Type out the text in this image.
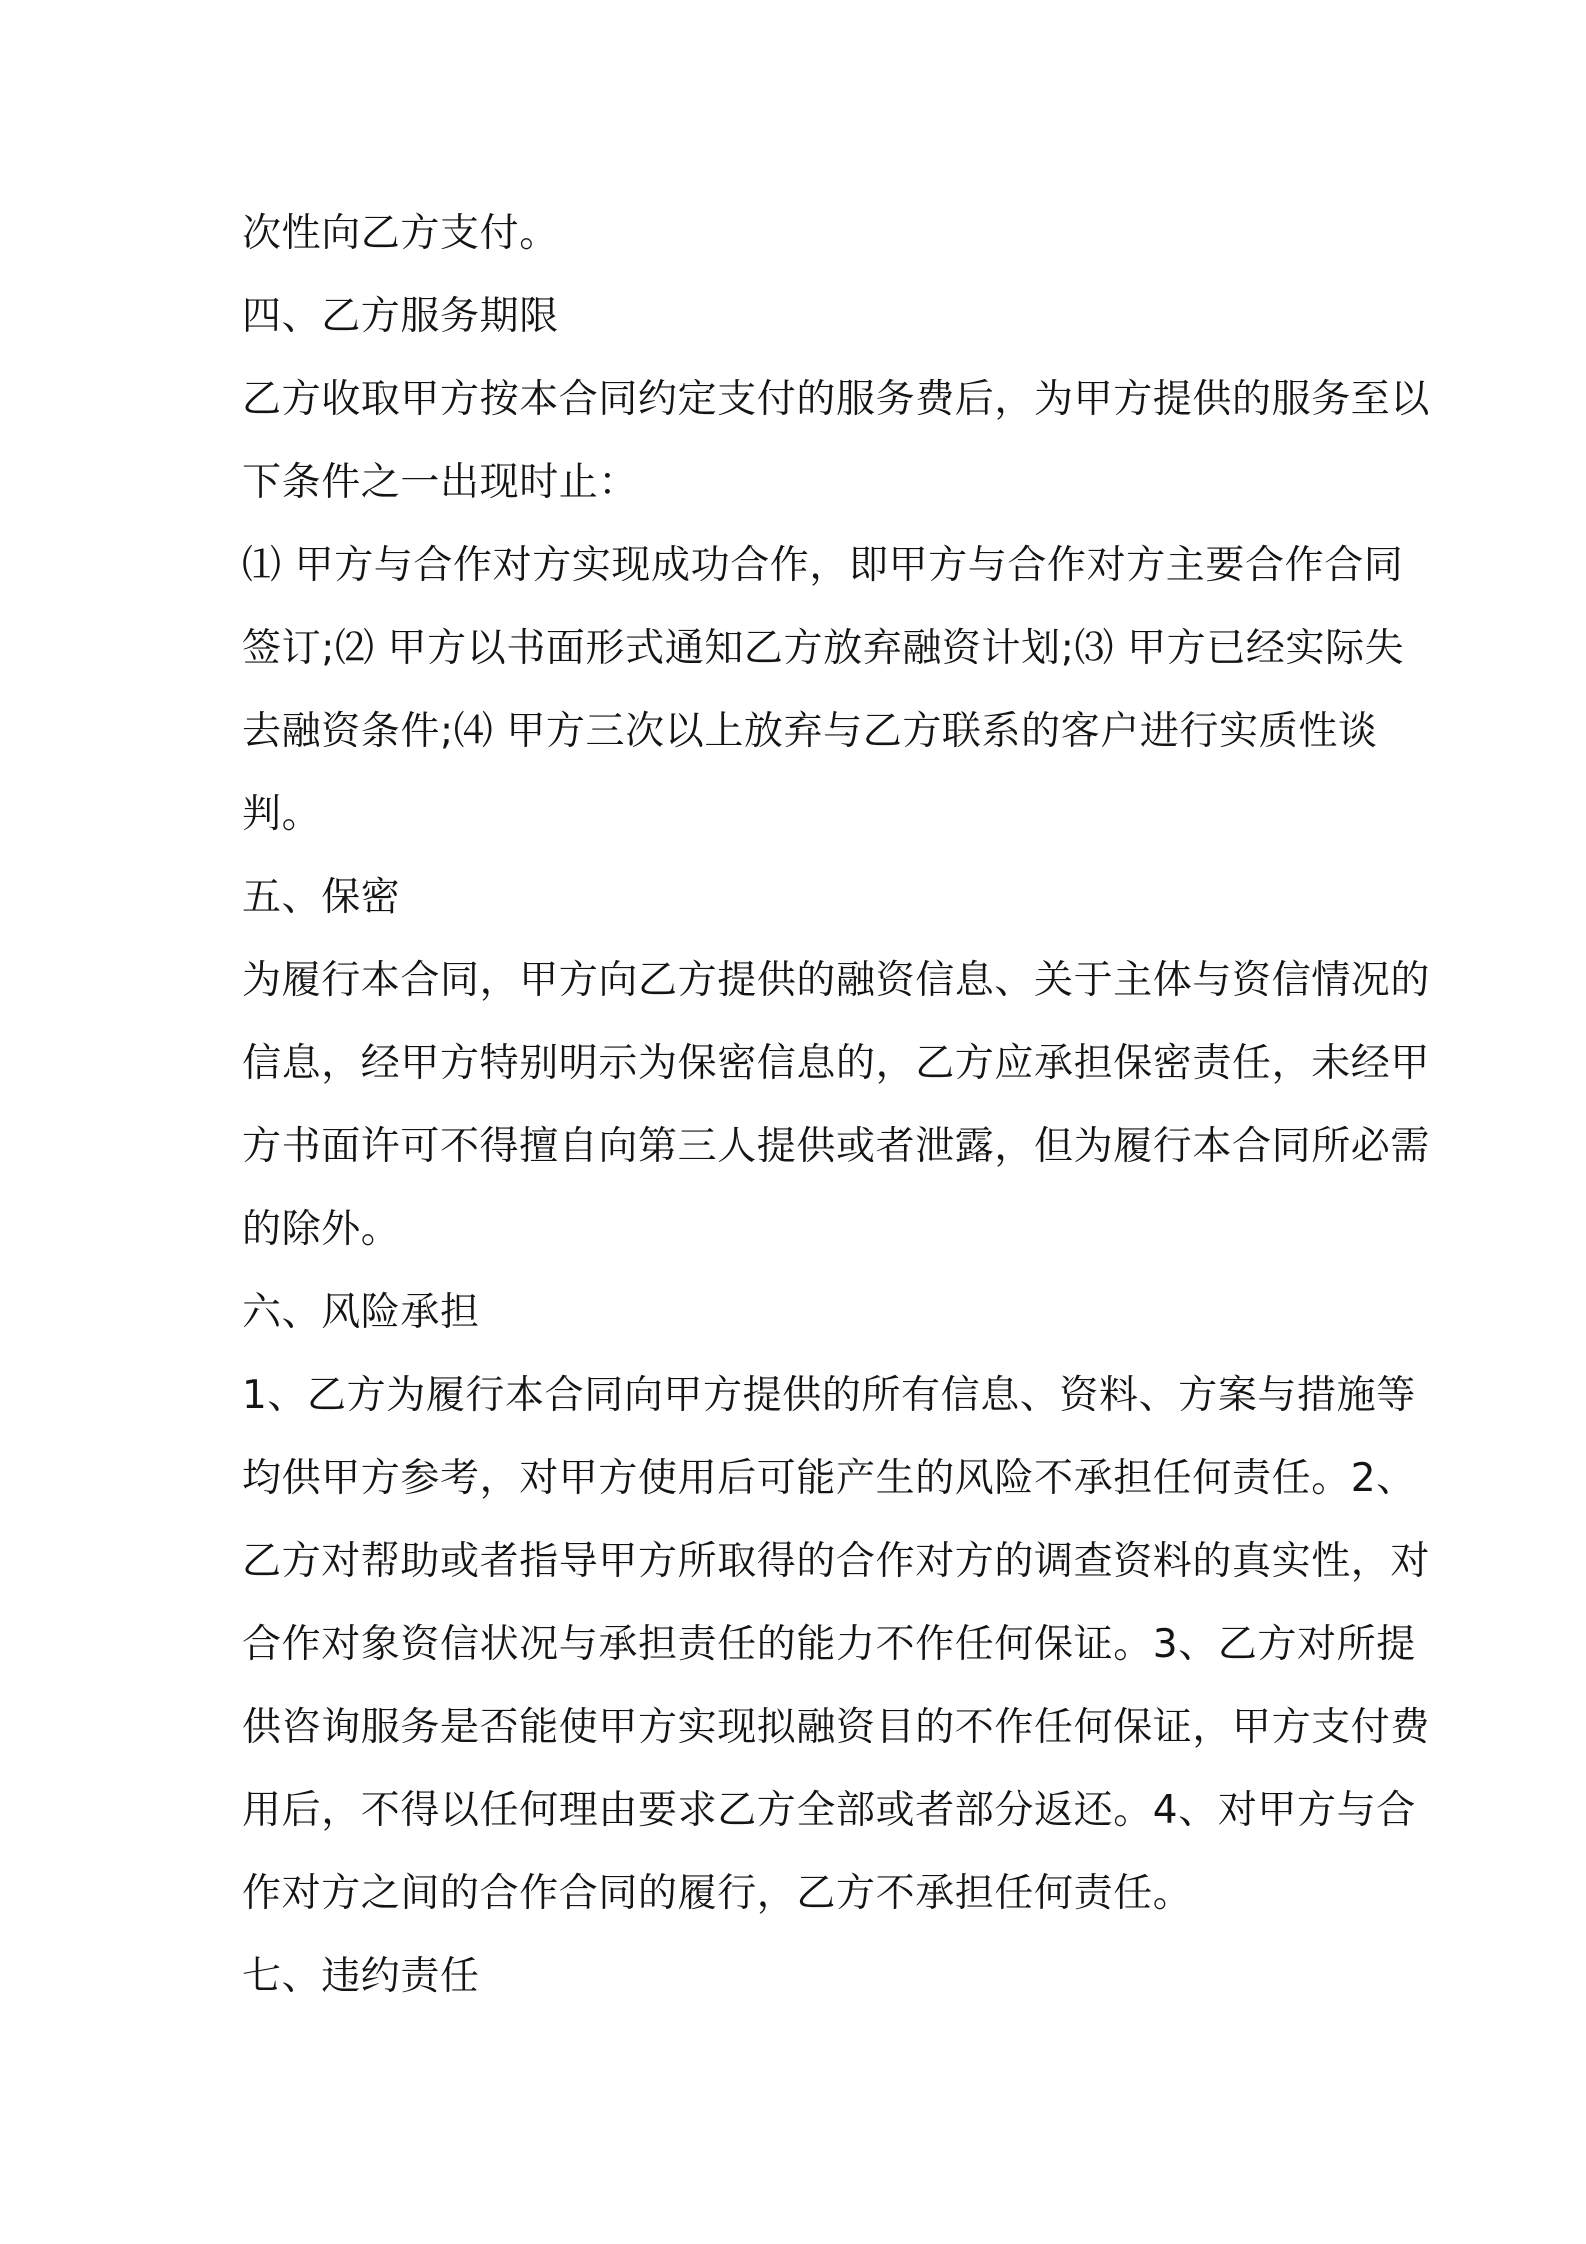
次性向乙方支付。
四、乙方服务期限
乙方收取甲方按本合同约定支付的服务费后，为甲方提供的服务至以
下条件之一出现时止：
⑴ 甲方与合作对方实现成功合作，即甲方与合作对方主要合作合同
签订;⑵ 甲方以书面形式通知乙方放弃融资计划;⑶ 甲方已经实际失
去融资条件;⑷ 甲方三次以上放弃与乙方联系的客户进行实质性谈
判。
五、保密
为履行本合同，甲方向乙方提供的融资信息、关于主体与资信情况的
信息，经甲方特别明示为保密信息的，乙方应承担保密责任，未经甲
方书面许可不得擅自向第三人提供或者泄露，但为履行本合同所必需
的除外。
六、风险承担
1、乙方为履行本合同向甲方提供的所有信息、资料、方案与措施等
均供甲方参考，对甲方使用后可能产生的风险不承担任何责任。2、
乙方对帮助或者指导甲方所取得的合作对方的调查资料的真实性，对
合作对象资信状况与承担责任的能力不作任何保证。3、乙方对所提
供咨询服务是否能使甲方实现拟融资目的不作任何保证，甲方支付费
用后，不得以任何理由要求乙方全部或者部分返还。4、对甲方与合
作对方之间的合作合同的履行，乙方不承担任何责任。
七、违约责任
